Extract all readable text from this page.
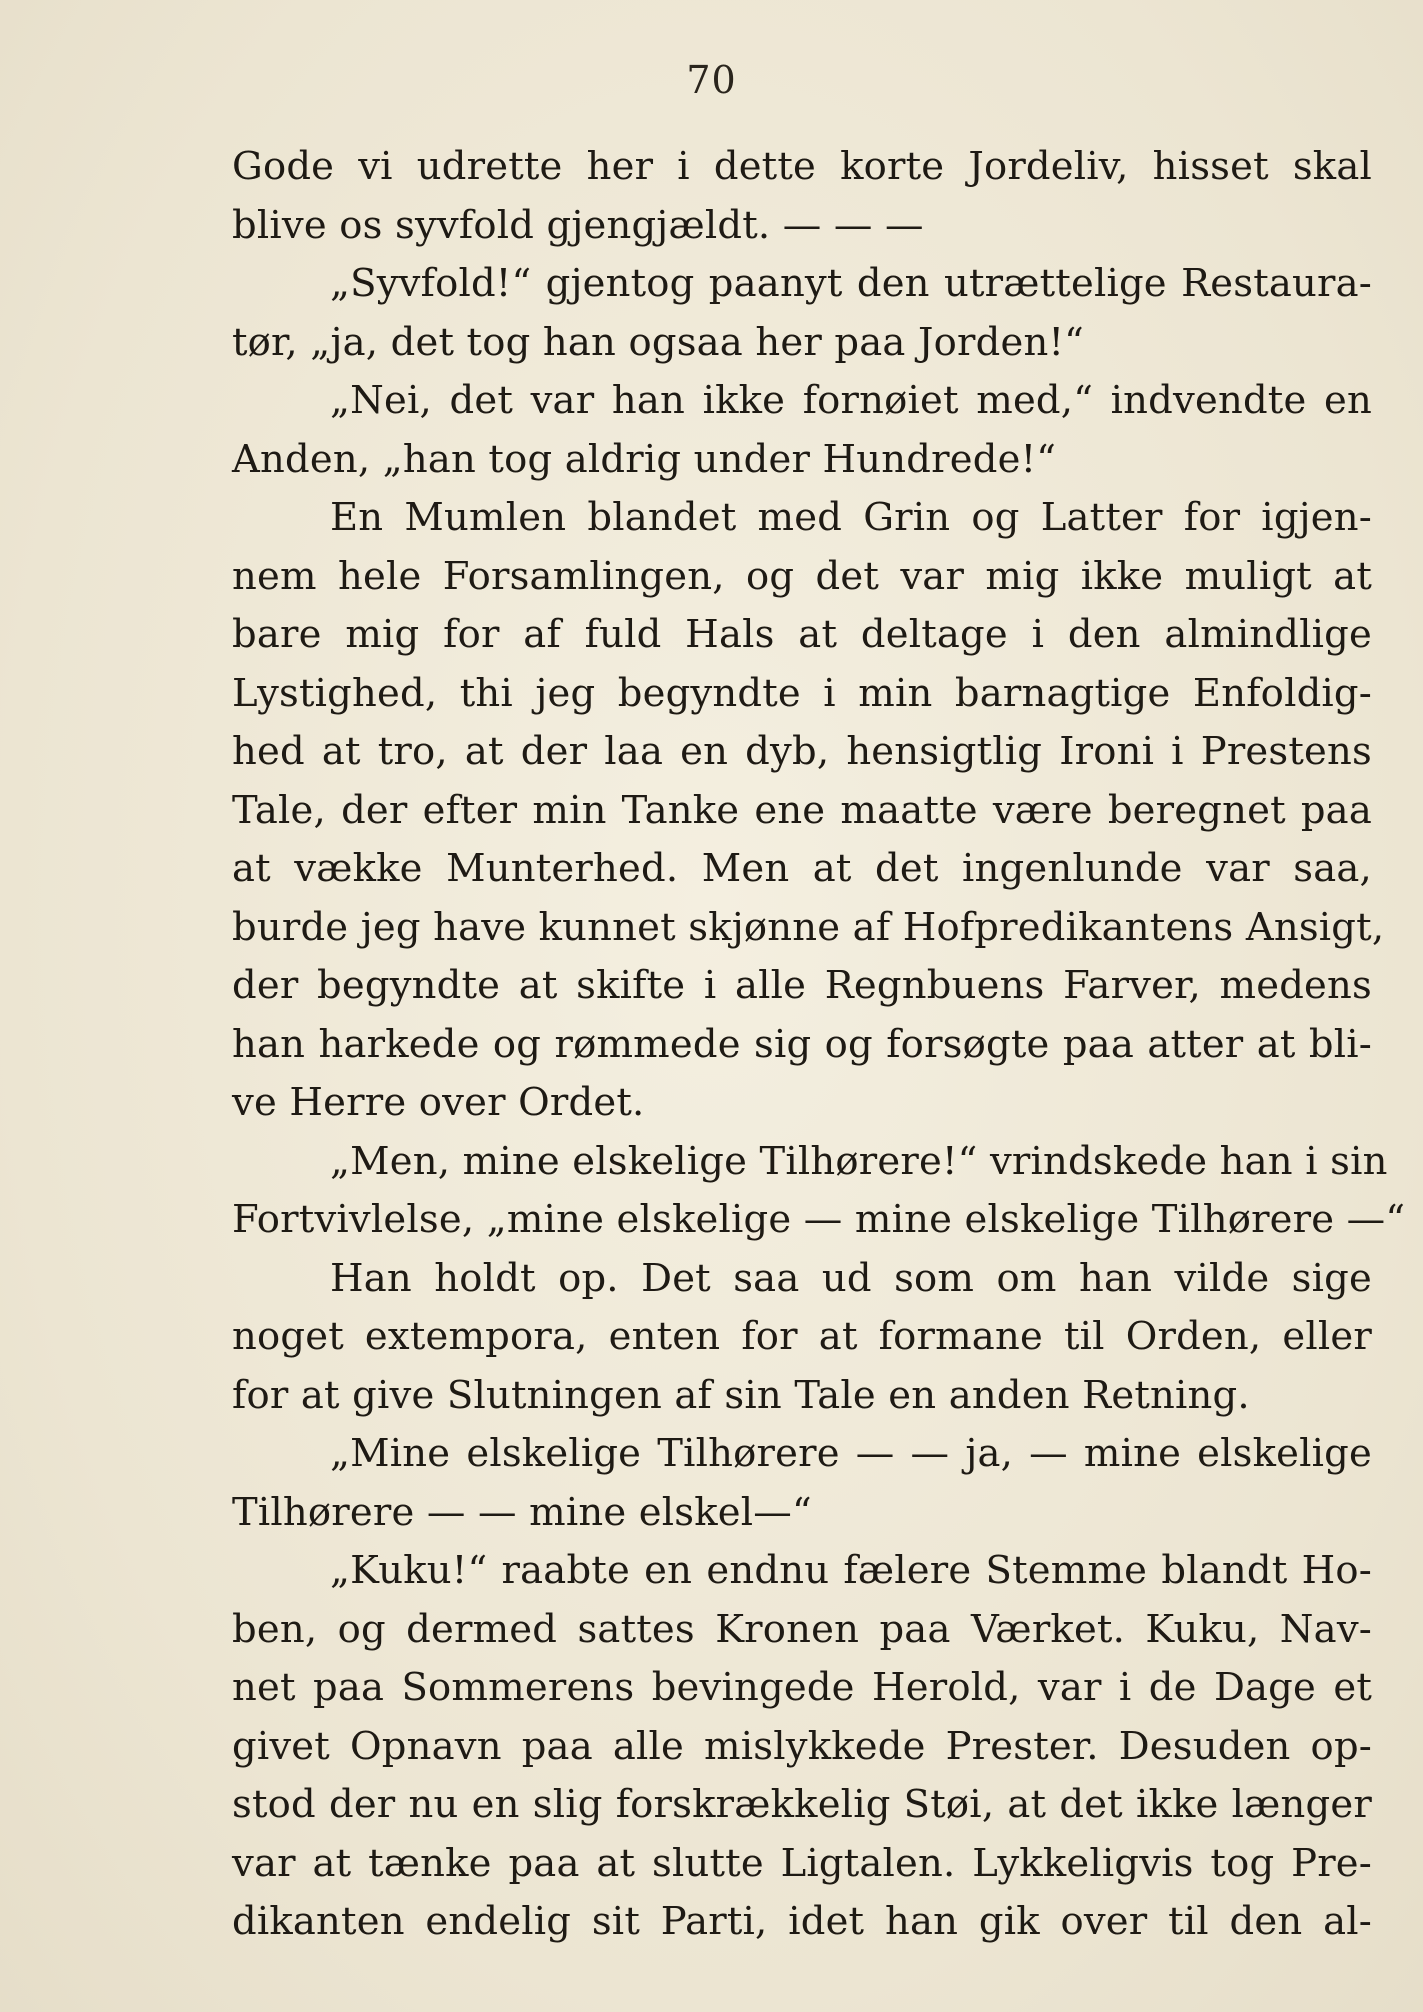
70
Gode vi udrette her i dette korte Jordeliv, hisset skal
blive os syvfold gjengjældt. — — —
„Syvfold!“ gjentog paanyt den utrættelige Restaura-
tør, „ja, det tog han ogsaa her paa Jorden!“
„Nei, det var han ikke fornøiet med,“ indvendte en
Anden, „han tog aldrig under Hundrede!“
En Mumlen blandet med Grin og Latter for igjen-
nem hele Forsamlingen, og det var mig ikke muligt at
bare mig for af fuld Hals at deltage i den almindlige
Lystighed, thi jeg begyndte i min barnagtige Enfoldig-
hed at tro, at der laa en dyb, hensigtlig Ironi i Prestens
Tale, der efter min Tanke ene maatte være beregnet paa
at vække Munterhed. Men at det ingenlunde var saa,
burde jeg have kunnet skjønne af Hofpredikantens Ansigt,
der begyndte at skifte i alle Regnbuens Farver, medens
han harkede og rømmede sig og forsøgte paa atter at bli-
ve Herre over Ordet.
„Men, mine elskelige Tilhørere!“ vrindskede han i sin
Fortvivlelse, „mine elskelige — mine elskelige Tilhørere —“
Han holdt op. Det saa ud som om han vilde sige
noget extempora, enten for at formane til Orden, eller
for at give Slutningen af sin Tale en anden Retning.
„Mine elskelige Tilhørere — — ja, — mine elskelige
Tilhørere — — mine elskel—“
„Kuku!“ raabte en endnu fælere Stemme blandt Ho-
ben, og dermed sattes Kronen paa Værket. Kuku, Nav-
net paa Sommerens bevingede Herold, var i de Dage et
givet Opnavn paa alle mislykkede Prester. Desuden op-
stod der nu en slig forskrækkelig Støi, at det ikke længer
var at tænke paa at slutte Ligtalen. Lykkeligvis tog Pre-
dikanten endelig sit Parti, idet han gik over til den al-
